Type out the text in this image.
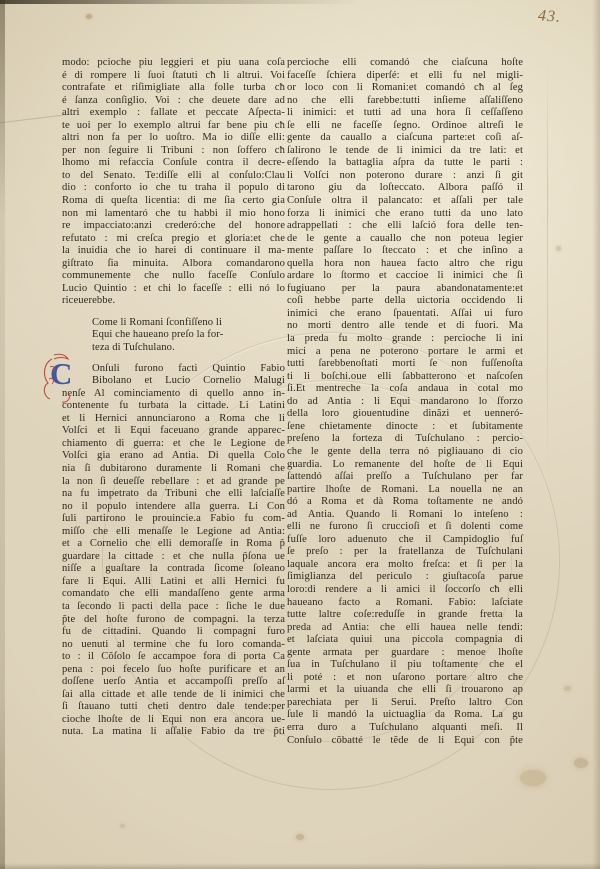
43.
modo: pcioche piu leggieri et piu uana coſa
é di rompere li ſuoi ſtatuti cħ li altrui. Voi
contrafate et riſimigliate alla folle turba cħ
é ſanza conſiglio. Voi : che deuete dare ad
altri exemplo : fallate et peccate Aſpecta-
te uoi per lo exemplo altrui far bene piu cħ
altri non fa per lo uoſtro. Ma io diſſe elli:
per non ſeguire li Tribuni : non ſoffero cħ
lhomo mi refaccia Conſule contra il decre-
to del Senato. Te:diſſe elli al conſulo:Clau
dio : conforto io che tu traha il populo di
Roma di queſta licentia: di me ſia certo gia
non mi lamentaró che tu habbi il mio hono
re impacciato:anzi crederó:che del honore
refutato : mi creſca pregio et gloria:et che
la inuidia che io harei di continuare il ma-
giſtrato ſia minuita. Albora comandarono
communemente che nullo faceſſe Conſulo
Lucio Quintio : et chi lo faceſſe : elli nó lo
riceuerebbe.
Come li Romani ſconfiſſeno li
Equi che haueano preſo la for-
teza di Tuſchulano.
C Onſuli furono facti Quintio Fabio
Bibolano et Lucio Cornelio Malugi
nenſe Al cominciamento di quello anno in-
contenente fu turbata la cittade. Li Latini
et li Hernici annunciarono a Roma che li
Volſci et li Equi faceuano grande apparec-
chiamento di guerra: et che le Legione de
Volſci gia erano ad Antia. Di quella Colo
nia ſi dubitarono duramente li Romani che
la non ſi deueſſe rebellare : et ad grande pe
na fu impetrato da Tribuni che elli laſciaſſe
no il populo intendere alla guerra. Li Con
ſuli partirono le prouincie.a Fabio fu com-
miſſo che elli menaſſe le Legione ad Antia:
et a Cornelio che elli demoraſſe in Roma p̃
guardare la cittade : et che nulla p̃ſona ue
niſſe a guaſtare la contrada ſicome ſoleano
fare li Equi. Alli Latini et alli Hernici fu
comandato che elli mandaſſeno gente arma
ta ſecondo li pacti della pace : ſiche le due
p̃te del hoſte furono de compagni. la terza
fu de cittadini. Quando li compagni furo
no uenuti al termine che fu loro comanda-
to : il Cõſolo ſe accampoe fora di porta Ca
pena : poi fecelo ſuo hoſte purificare et an
doſſene uerſo Antia et accampoſſi preſſo aſ
ſai alla cittade et alle tende de li inimici che
ſi ſtauano tutti cheti dentro dale tende:per
cioche lhoſte de li Equi non era ancora ue-
nuta. La matina li aſſalie Fabio da tre p̃ti
percioche elli comandó che ciaſcuna hoſte
faceſſe ſchiera diperſé: et elli fu nel migli-
or loco con li Romani:et comandó cħ al ſeg
no che elli farebbe:tutti inſieme aſſaliſſeno
li inimici: et tutti ad una hora ſi ceſſaſſeno
ſe elli ne faceſſe ſegno. Ordinoe altreſi le
gente da cauallo a ciaſcuna parte:et coſi aſ-
ſalirono le tende de li inimici da tre lati: et
eſſendo la battaglia aſpra da tutte le parti :
li Volſci non poterono durare : anzi ſi git
tarono giu da loſteccato. Albora paſſó il
Conſule oltra il palancato: et aſſali per tale
forza li inimici che erano tutti da uno lato
adrappellati : che elli laſció fora delle ten-
de le gente a cauallo che non poteua legier
mente paſſare lo ſteccato : et che inſino a
quella hora non hauea facto altro che rigu
ardare lo ſtormo et caccioe li inimici che ſi
fugiuano per la paura abandonatamente:et
coſi hebbe parte della uictoria occidendo li
inimici che erano ſpauentati. Aſſai ui furo
no morti dentro alle tende et di fuori. Ma
la preda fu molto grande : percioche li ini
mici a pena ne poterono portare le armi et
tutti ſarebbenoſtati morti ſe non fuſſenoſta
ti li boſchi.oue elli ſabbatterono et naſcoſen
ſi.Et mentreche la coſa andaua in cotal mo
do ad Antia : li Equi mandarono lo ſforzo
della loro giouentudine dinãzi et uenneró-
ſene chietamente dinocte : et ſubitamente
preſeno la forteza di Tuſchulano : percio-
che le gente della terra nó pigliauano di cio
guardia. Lo remanente del hoſte de li Equi
ſattendó aſſai preſſo a Tuſchulano per far
partire lhoſte de Romani. La nouella ne an
dó a Roma et dà Roma toſtamente ne andó
ad Antia. Quando li Romani lo inteſeno :
elli ne furono ſi cruccioſi et ſi dolenti come
fuſſe loro aduenuto che il Campidoglio fuſ
ſe preſo : per la fratellanza de Tuſchulani
laquale ancora era molto freſca: et ſi per la
ſimiglianza del periculo : giuſtacoſa parue
loro:di rendere a li amici il ſoccorſo cħ elli
haueano facto a Romani. Fabio: laſciate
tutte laltre coſe:reduſſe in grande fretta la
preda ad Antia: che elli hauea nelle tendi:
et laſciata quiui una piccola compagnia di
gente armata per guardare : menoe lhoſte
ſua in Tuſchulano il piu toſtamente che el
li poté : et non uſarono portare altro che
larmi et la uiuanda che elli ſi trouarono ap
parechiata per li Serui. Preſto laltro Con
ſule li mandó la uictuaglia da Roma. La gu
erra duro a Tuſchulano alquanti meſi. Il
Conſulo cõbatté le tẽde de li Equi con p̃te
